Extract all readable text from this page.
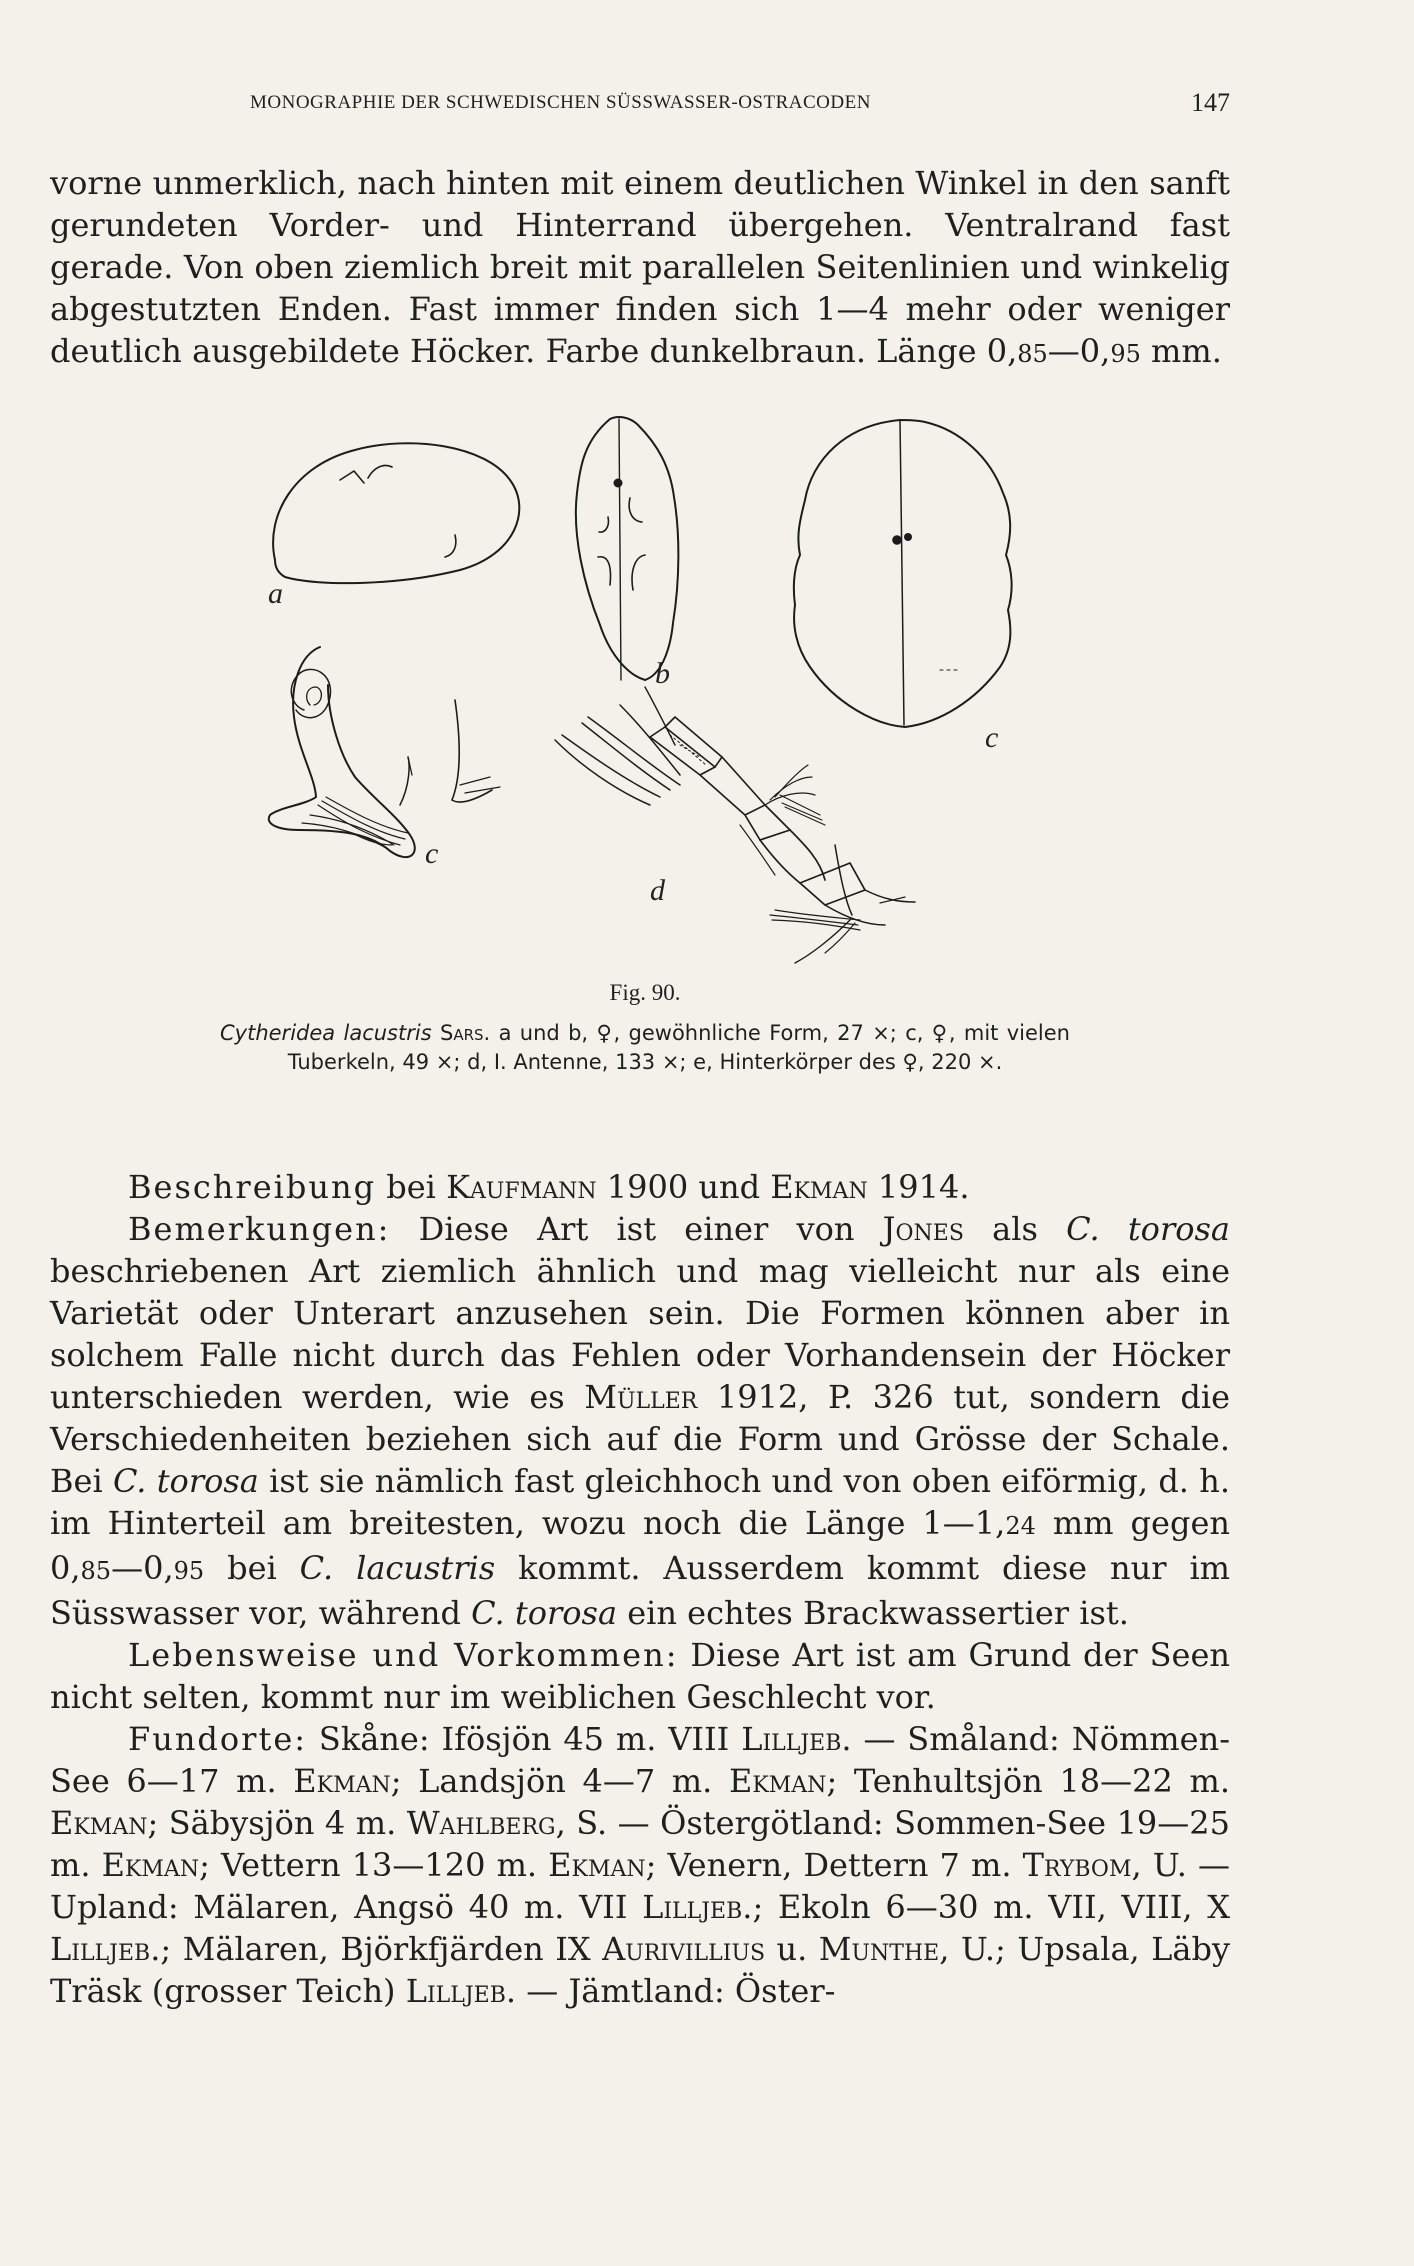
MONOGRAPHIE DER SCHWEDISCHEN SÜSSWASSER-OSTRACODEN	147

vorne unmerklich, nach hinten mit einem deutlichen Winkel in den sanft gerundeten Vorder- und Hinterrand übergehen. Ventralrand fast gerade. Von oben ziemlich breit mit parallelen Seitenlinien und winkelig abgestutzten Enden. Fast immer finden sich 1—4 mehr oder weniger deutlich ausgebildete Höcker. Farbe dunkelbraun. Länge 0,85—0,95 mm.

a
b
c
c
d
Fig. 90.
Cytheridea lacustris Sars. a und b, ♀, gewöhnliche Form, 27 ×; c, ♀, mit vielen Tuberkeln, 49 ×; d, I. Antenne, 133 ×; e, Hinterkörper des ♀, 220 ×.

Beschreibung bei Kaufmann 1900 und Ekman 1914.

Bemerkungen: Diese Art ist einer von Jones als C. torosa beschriebenen Art ziemlich ähnlich und mag vielleicht nur als eine Varietät oder Unterart anzusehen sein. Die Formen können aber in solchem Falle nicht durch das Fehlen oder Vorhandensein der Höcker unterschieden werden, wie es Müller 1912, P. 326 tut, sondern die Verschiedenheiten beziehen sich auf die Form und Grösse der Schale. Bei C. torosa ist sie nämlich fast gleichhoch und von oben eiförmig, d. h. im Hinterteil am breitesten, wozu noch die Länge 1—1,24 mm gegen 0,85—0,95 bei C. lacustris kommt. Ausserdem kommt diese nur im Süsswasser vor, während C. torosa ein echtes Brackwassertier ist.

Lebensweise und Vorkommen: Diese Art ist am Grund der Seen nicht selten, kommt nur im weiblichen Geschlecht vor.

Fundorte: Skåne: Ifösjön 45 m. VIII Lilljeb. — Småland: Nömmen-See 6—17 m. Ekman; Landsjön 4—7 m. Ekman; Tenhultsjön 18—22 m. Ekman; Säbysjön 4 m. Wahlberg, S. — Östergötland: Sommen-See 19—25 m. Ekman; Vettern 13—120 m. Ekman; Venern, Dettern 7 m. Trybom, U. — Upland: Mälaren, Angsö 40 m. VII Lilljeb.; Ekoln 6—30 m. VII, VIII, X Lilljeb.; Mälaren, Björkfjärden IX Aurivillius u. Munthe, U.; Upsala, Läby Träsk (grosser Teich) Lilljeb. — Jämtland: Öster-
